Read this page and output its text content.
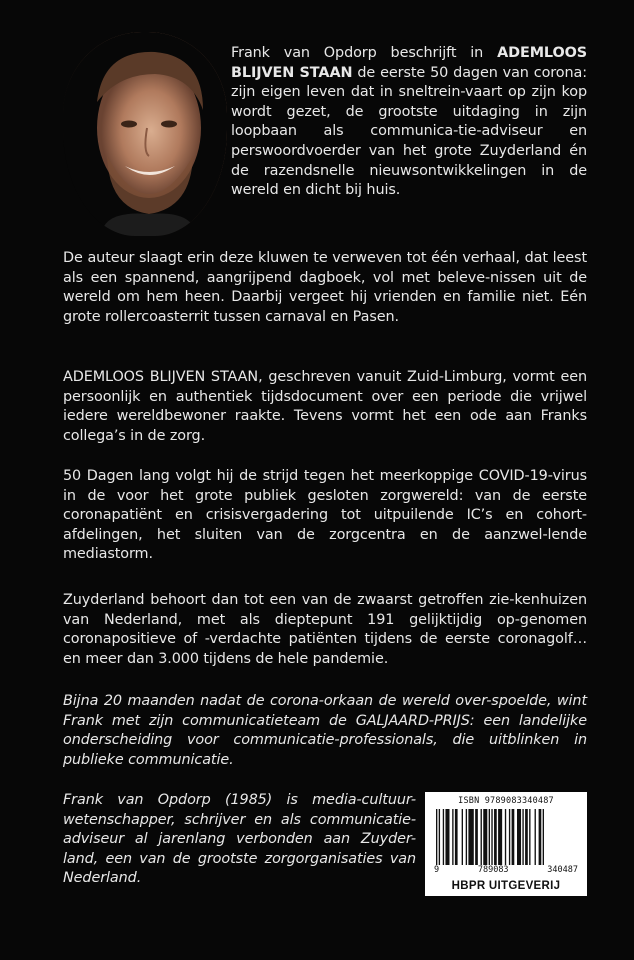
Frank van Opdorp beschrijft in ADEMLOOS BLIJVEN STAAN de eerste 50 dagen van corona: zijn eigen leven dat in sneltrein-vaart op zijn kop wordt gezet, de grootste uitdaging in zijn loopbaan als communica-tie-adviseur en perswoordvoerder van het grote Zuyderland én de razendsnelle nieuwsontwikkelingen in de wereld en dicht bij huis.

De auteur slaagt erin deze kluwen te verweven tot één verhaal, dat leest als een spannend, aangrijpend dagboek, vol met beleve-nissen uit de wereld om hem heen. Daarbij vergeet hij vrienden en familie niet. Eén grote rollercoasterrit tussen carnaval en Pasen.

ADEMLOOS BLIJVEN STAAN, geschreven vanuit Zuid-Limburg, vormt een persoonlijk en authentiek tijdsdocument over een periode die vrijwel iedere wereldbewoner raakte. Tevens vormt het een ode aan Franks collega’s in de zorg.

50 Dagen lang volgt hij de strijd tegen het meerkoppige COVID-19-virus in de voor het grote publiek gesloten zorgwereld: van de eerste coronapatiënt en crisisvergadering tot uitpuilende IC’s en cohort-afdelingen, het sluiten van de zorgcentra en de aanzwel-lende mediastorm.

Zuyderland behoort dan tot een van de zwaarst getroffen zie-kenhuizen van Nederland, met als dieptepunt 191 gelijktijdig op-genomen coronapositieve of -verdachte patiënten tijdens de eerste coronagolf… en meer dan 3.000 tijdens de hele pandemie.

Bijna 20 maanden nadat de corona-orkaan de wereld over-spoelde, wint Frank met zijn communicatieteam de GALJAARD-PRIJS: een landelijke onderscheiding voor communicatie-professionals, die uitblinken in publieke communicatie.

Frank van Opdorp (1985) is media-cultuur-wetenschapper, schrijver en als communicatie-adviseur al jarenlang verbonden aan Zuyder-land, een van de grootste zorgorganisaties van Nederland.

ISBN 9789083340487
9	789083	340487
HBPR UITGEVERIJ
